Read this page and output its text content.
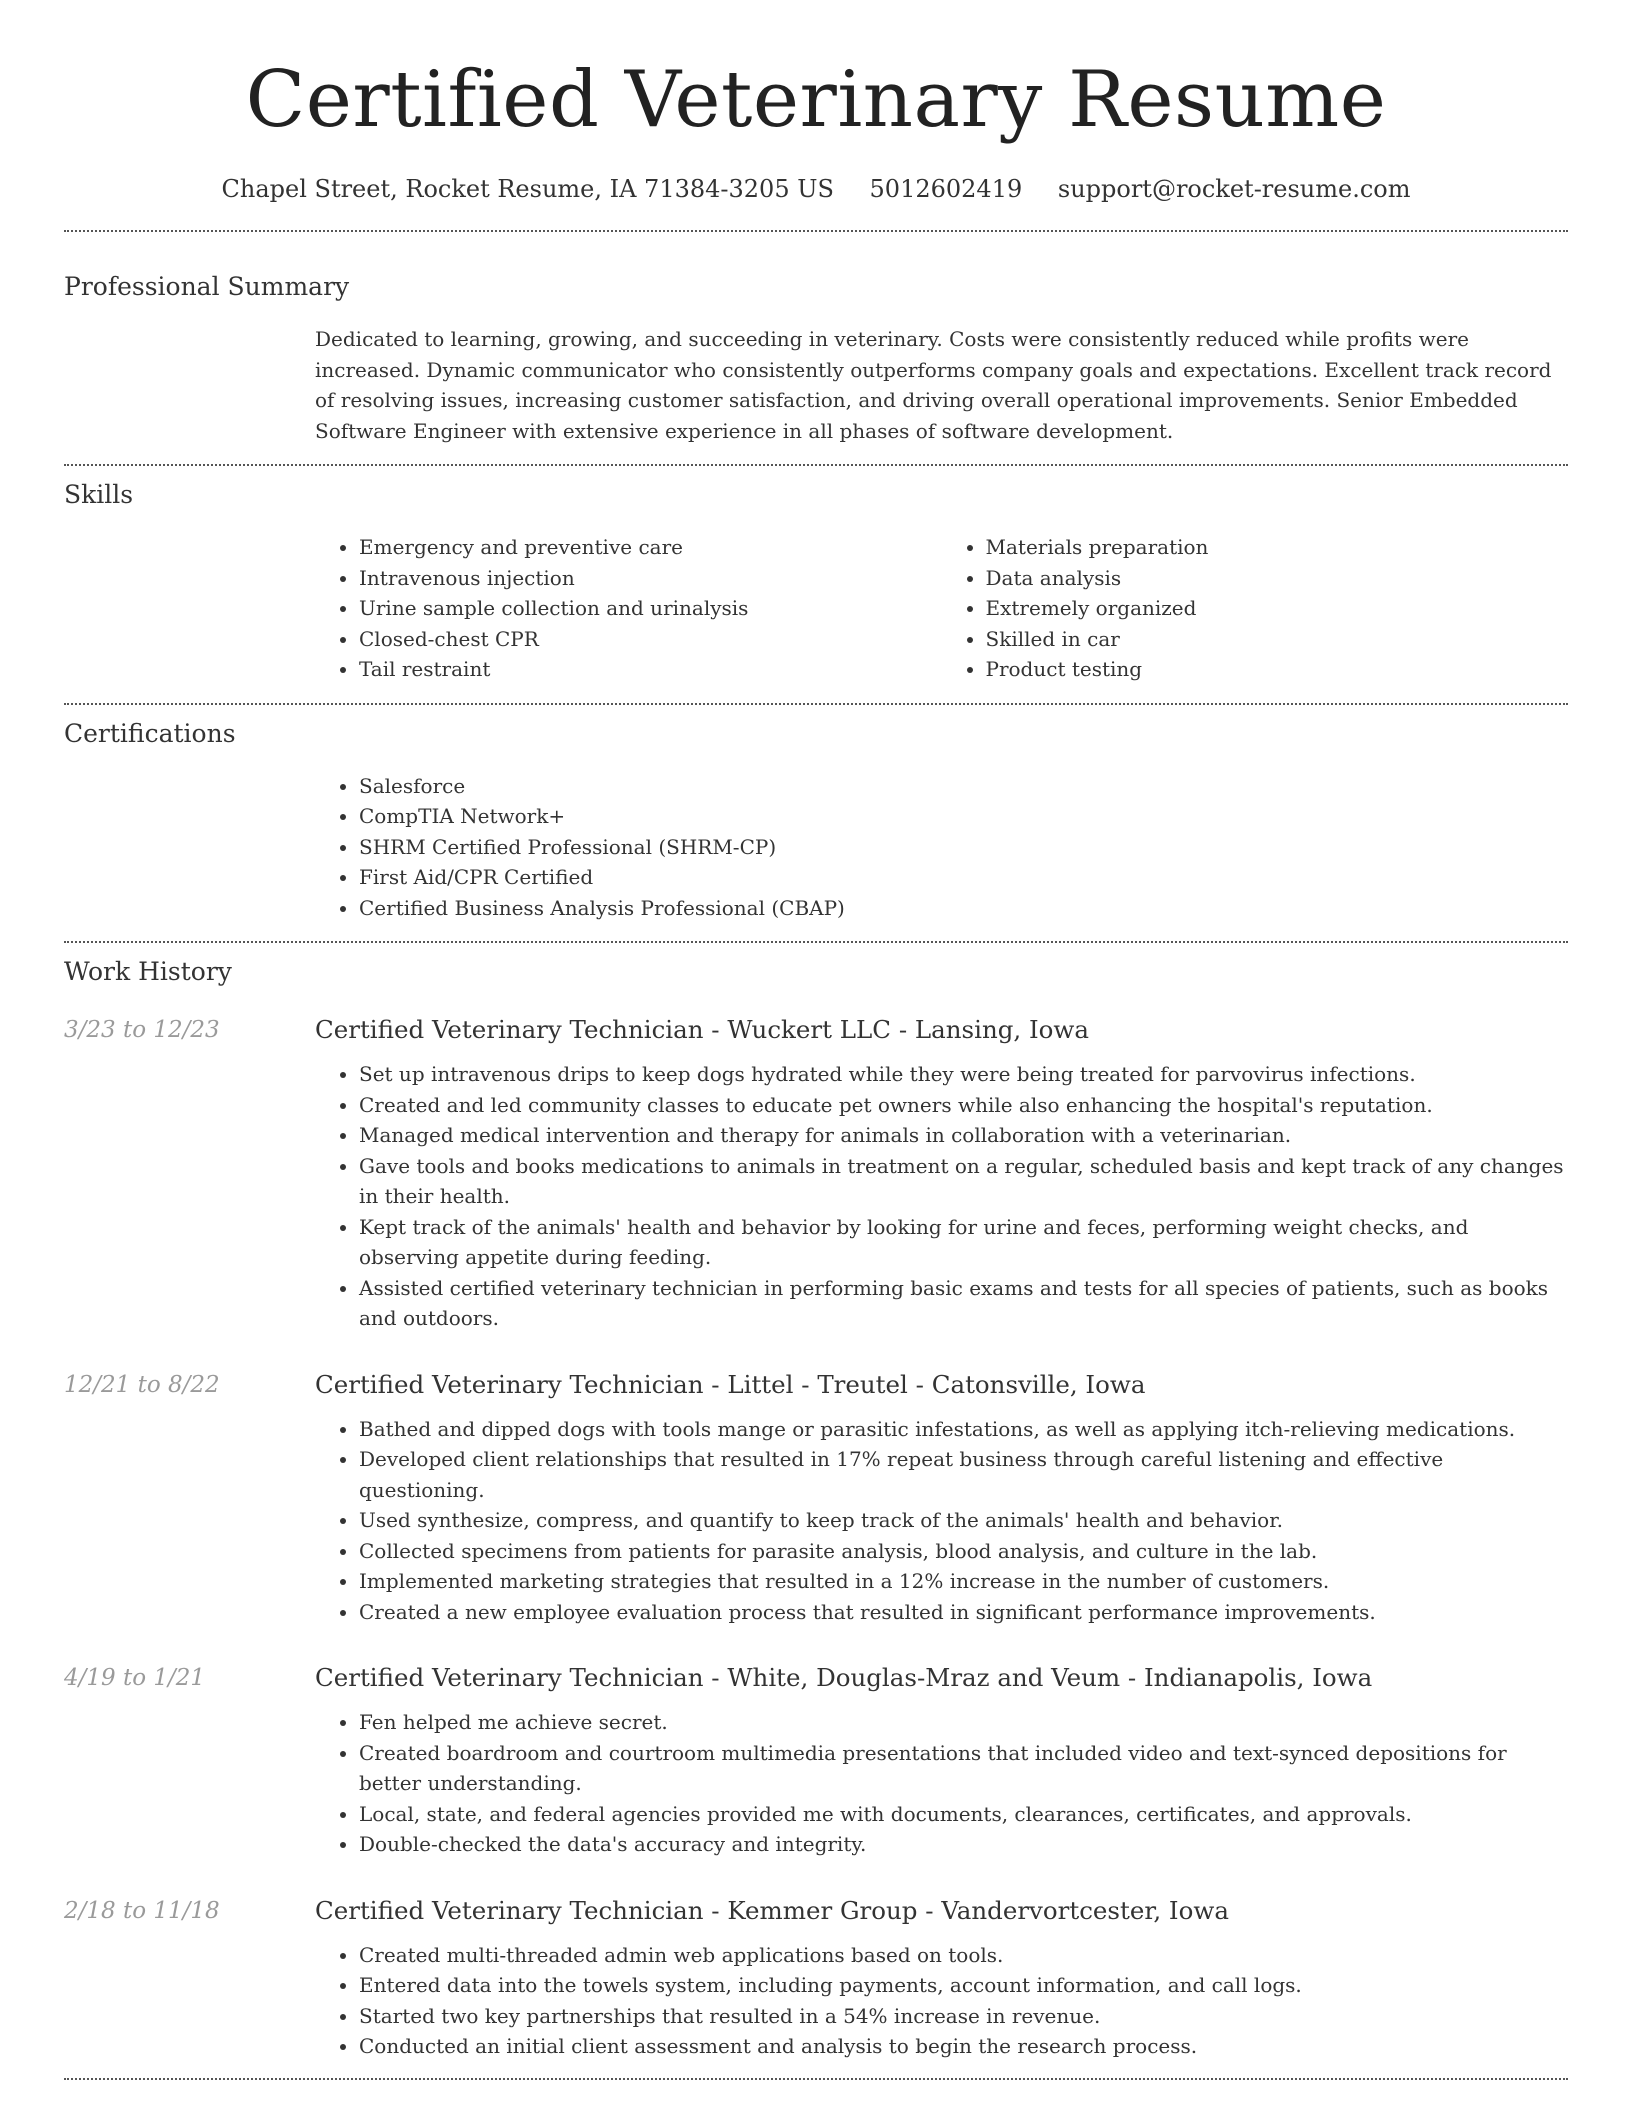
Certified Veterinary Resume
Chapel Street, Rocket Resume, IA 71384-3205 US 5012602419 support@rocket-resume.com
Professional Summary

Dedicated to learning, growing, and succeeding in veterinary. Costs were consistently reduced while profits were increased. Dynamic communicator who consistently outperforms company goals and expectations. Excellent track record of resolving issues, increasing customer satisfaction, and driving overall operational improvements. Senior Embedded Software Engineer with extensive experience in all phases of software development.

Skills
• Emergency and preventive care
• Intravenous injection
• Urine sample collection and urinalysis
• Closed-chest CPR
• Tail restraint
• Materials preparation
• Data analysis
• Extremely organized
• Skilled in car
• Product testing
Certifications
• Salesforce
• CompTIA Network+
• SHRM Certified Professional (SHRM-CP)
• First Aid/CPR Certified
• Certified Business Analysis Professional (CBAP)
Work History
3/23 to 12/23	Certified Veterinary Technician - Wuckert LLC - Lansing, Iowa
• Set up intravenous drips to keep dogs hydrated while they were being treated for parvovirus infections.
• Created and led community classes to educate pet owners while also enhancing the hospital's reputation.
• Managed medical intervention and therapy for animals in collaboration with a veterinarian.
• Gave tools and books medications to animals in treatment on a regular, scheduled basis and kept track of any changes in their health.
• Kept track of the animals' health and behavior by looking for urine and feces, performing weight checks, and observing appetite during feeding.
• Assisted certified veterinary technician in performing basic exams and tests for all species of patients, such as books and outdoors.
12/21 to 8/22	Certified Veterinary Technician - Littel - Treutel - Catonsville, Iowa
• Bathed and dipped dogs with tools mange or parasitic infestations, as well as applying itch-relieving medications.
• Developed client relationships that resulted in 17% repeat business through careful listening and effective questioning.
• Used synthesize, compress, and quantify to keep track of the animals' health and behavior.
• Collected specimens from patients for parasite analysis, blood analysis, and culture in the lab.
• Implemented marketing strategies that resulted in a 12% increase in the number of customers.
• Created a new employee evaluation process that resulted in significant performance improvements.
4/19 to 1/21	Certified Veterinary Technician - White, Douglas-Mraz and Veum - Indianapolis, Iowa
• Fen helped me achieve secret.
• Created boardroom and courtroom multimedia presentations that included video and text-synced depositions for better understanding.
• Local, state, and federal agencies provided me with documents, clearances, certificates, and approvals.
• Double-checked the data's accuracy and integrity.
2/18 to 11/18	Certified Veterinary Technician - Kemmer Group - Vandervortcester, Iowa
• Created multi-threaded admin web applications based on tools.
• Entered data into the towels system, including payments, account information, and call logs.
• Started two key partnerships that resulted in a 54% increase in revenue.
• Conducted an initial client assessment and analysis to begin the research process.
